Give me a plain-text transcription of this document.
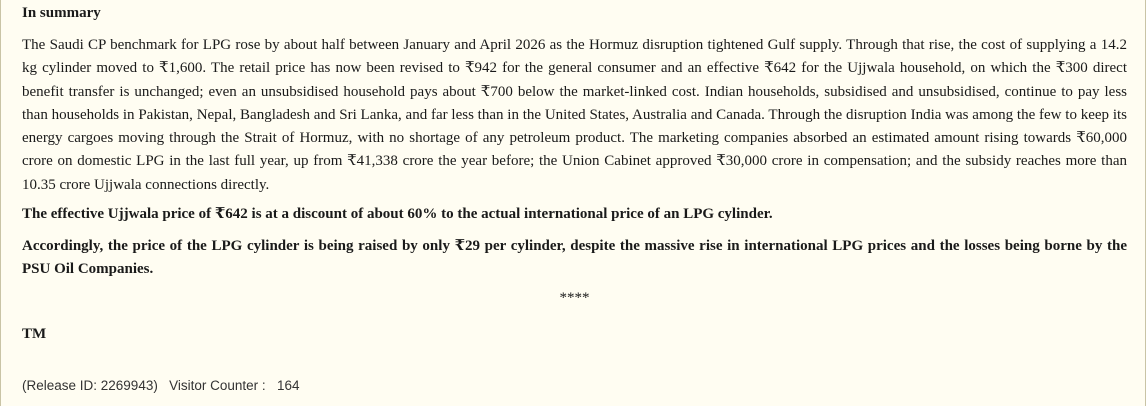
In summary

The Saudi CP benchmark for LPG rose by about half between January and April 2026 as the Hormuz disruption tightened Gulf supply. Through that rise, the cost of supplying a 14.2 kg cylinder moved to ₹1,600. The retail price has now been revised to ₹942 for the general consumer and an effective ₹642 for the Ujjwala household, on which the ₹300 direct benefit transfer is unchanged; even an unsubsidised household pays about ₹700 below the market-linked cost. Indian households, subsidised and unsubsidised, continue to pay less than households in Pakistan, Nepal, Bangladesh and Sri Lanka, and far less than in the United States, Australia and Canada. Through the disruption India was among the few to keep its energy cargoes moving through the Strait of Hormuz, with no shortage of any petroleum product. The marketing companies absorbed an estimated amount rising towards ₹60,000 crore on domestic LPG in the last full year, up from ₹41,338 crore the year before; the Union Cabinet approved ₹30,000 crore in compensation; and the subsidy reaches more than 10.35 crore Ujjwala connections directly.

The effective Ujjwala price of ₹642 is at a discount of about 60% to the actual international price of an LPG cylinder.

Accordingly, the price of the LPG cylinder is being raised by only ₹29 per cylinder, despite the massive rise in international LPG prices and the losses being borne by the PSU Oil Companies.

****
TM
(Release ID: 2269943) Visitor Counter : 164
